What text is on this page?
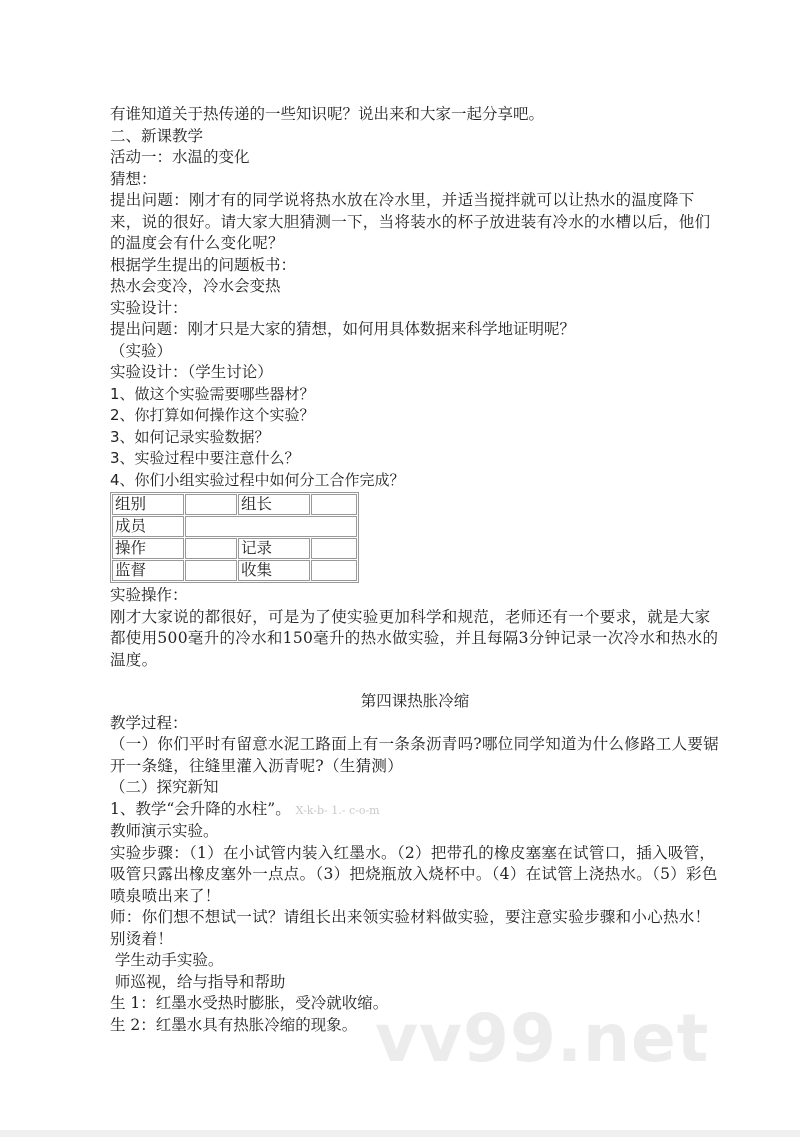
有谁知道关于热传递的一些知识呢？说出来和大家一起分享吧。
二、新课教学
活动一：水温的变化
猜想：
提出问题：刚才有的同学说将热水放在冷水里，并适当搅拌就可以让热水的温度降下来，说的很好。请大家大胆猜测一下，当将装水的杯子放进装有冷水的水槽以后，他们的温度会有什么变化呢？
根据学生提出的问题板书：
热水会变冷，冷水会变热
实验设计：
提出问题：刚才只是大家的猜想，如何用具体数据来科学地证明呢？
（实验）
实验设计：（学生讨论）
1、做这个实验需要哪些器材？
2、你打算如何操作这个实验？
3、如何记录实验数据？
3、实验过程中要注意什么？
4、你们小组实验过程中如何分工合作完成？
组别		组长	
成员			
操作		记录	
监督		收集	
实验操作：
刚才大家说的都很好，可是为了使实验更加科学和规范，老师还有一个要求，就是大家都使用500毫升的冷水和150毫升的热水做实验，并且每隔3分钟记录一次冷水和热水的温度。
第四课热胀冷缩
教学过程：
（一）你们平时有留意水泥工路面上有一条条沥青吗?哪位同学知道为什么修路工人要锯开一条缝，往缝里灌入沥青呢?（生猜测）
（二）探究新知
1、教学“会升降的水柱”。 X-k-b- 1.- c-o-m
教师演示实验。
实验步骤：（1）在小试管内装入红墨水。（2）把带孔的橡皮塞塞在试管口，插入吸管，吸管只露出橡皮塞外一点点。（3）把烧瓶放入烧杯中。（4）在试管上浇热水。（5）彩色喷泉喷出来了！
师：你们想不想试一试？请组长出来领实验材料做实验，要注意实验步骤和小心热水！别烫着！
学生动手实验。
师巡视，给与指导和帮助
生 1：红墨水受热时膨胀，受冷就收缩。
生 2：红墨水具有热胀冷缩的现象。 vv99.net
